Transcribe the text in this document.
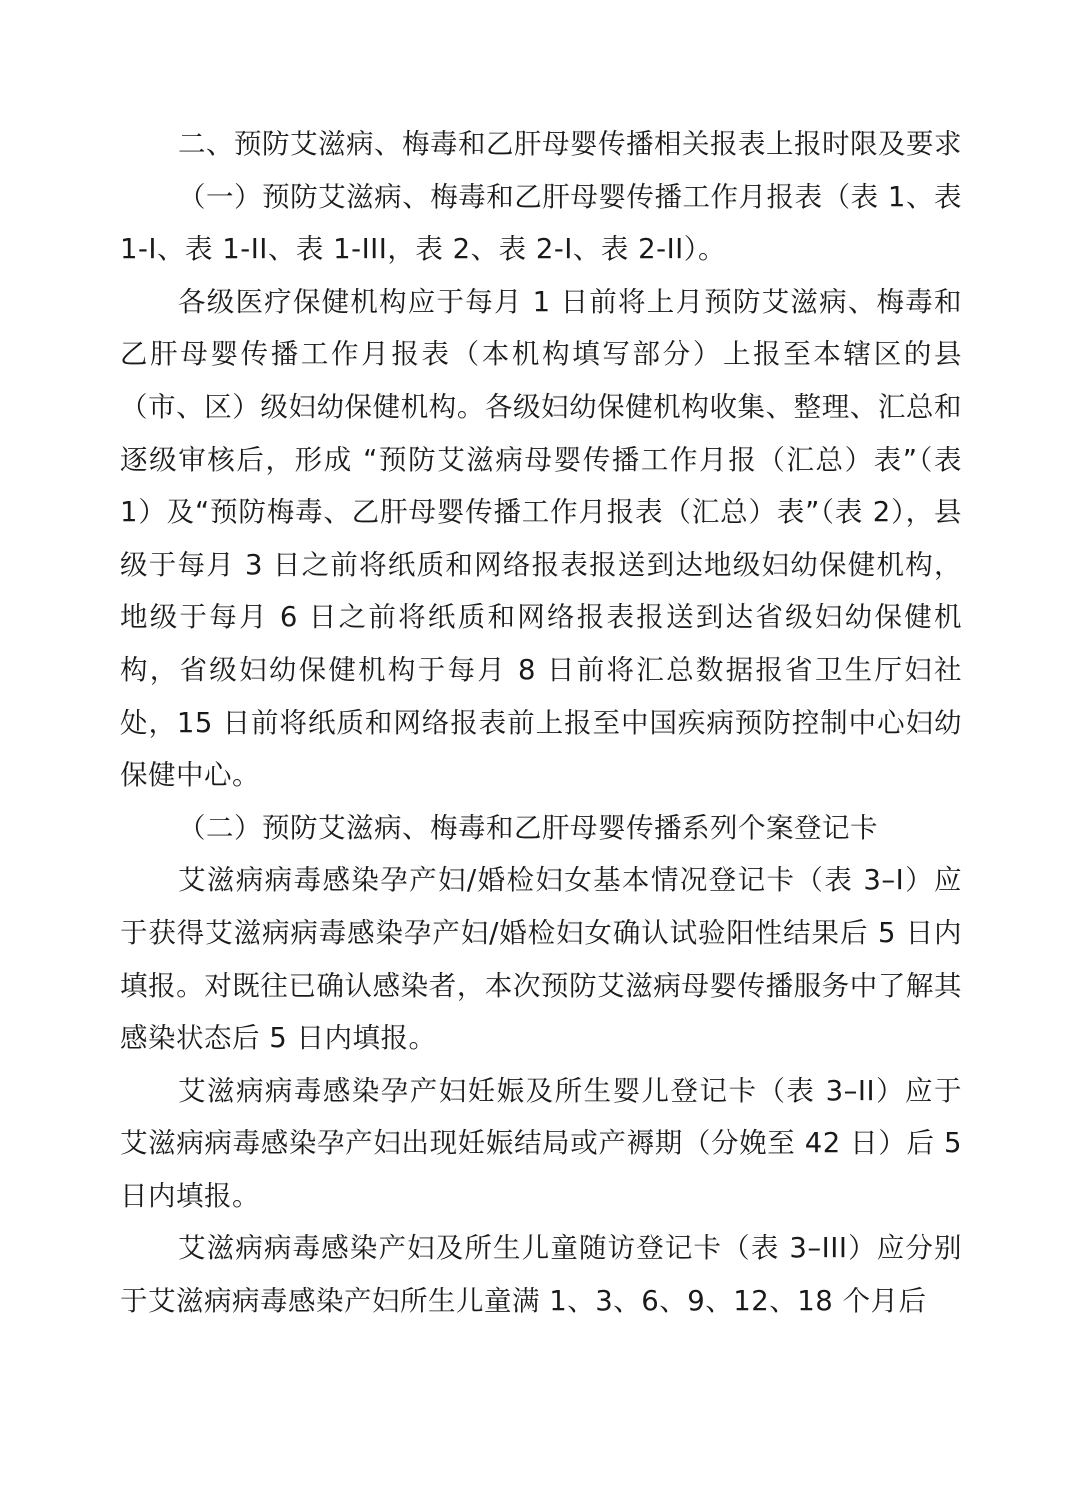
二、预防艾滋病、梅毒和乙肝母婴传播相关报表上报时限及要求

（一）预防艾滋病、梅毒和乙肝母婴传播工作月报表（表 1、表 1-I、表 1-II、表 1-III，表 2、表 2-I、表 2-II）。

各级医疗保健机构应于每月 1 日前将上月预防艾滋病、梅毒和乙肝母婴传播工作月报表（本机构填写部分）上报至本辖区的县（市、区）级妇幼保健机构。各级妇幼保健机构收集、整理、汇总和逐级审核后，形成 “预防艾滋病母婴传播工作月报（汇总）表”（表 1）及“预防梅毒、乙肝母婴传播工作月报表（汇总）表”（表 2），县级于每月 3 日之前将纸质和网络报表报送到达地级妇幼保健机构，地级于每月 6 日之前将纸质和网络报表报送到达省级妇幼保健机构，省级妇幼保健机构于每月 8 日前将汇总数据报省卫生厅妇社处，15 日前将纸质和网络报表前上报至中国疾病预防控制中心妇幼保健中心。

（二）预防艾滋病、梅毒和乙肝母婴传播系列个案登记卡

艾滋病病毒感染孕产妇/婚检妇女基本情况登记卡（表 3–I）应于获得艾滋病病毒感染孕产妇/婚检妇女确认试验阳性结果后 5 日内填报。对既往已确认感染者，本次预防艾滋病母婴传播服务中了解其感染状态后 5 日内填报。

艾滋病病毒感染孕产妇妊娠及所生婴儿登记卡（表 3–II）应于艾滋病病毒感染孕产妇出现妊娠结局或产褥期（分娩至 42 日）后 5 日内填报。

艾滋病病毒感染产妇及所生儿童随访登记卡（表 3–III）应分别于艾滋病病毒感染产妇所生儿童满 1、3、6、9、12、18 个月后
